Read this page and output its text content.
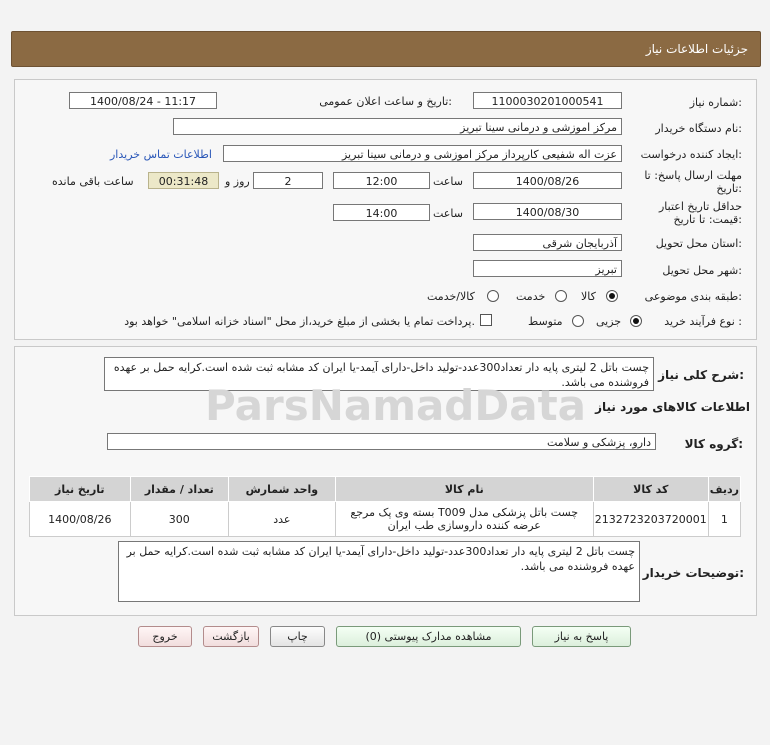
جزئیات اطلاعات نیاز
شماره نیاز:
1100030201000541
تاریخ و ساعت اعلان عمومی:
1400/08/24 - 11:17
نام دستگاه خریدار:
مرکز اموزشی و درمانی سینا تبریز
ایجاد کننده درخواست:
عزت اله شفیعی کارپرداز مرکز اموزشی و درمانی سینا تبریز
اطلاعات تماس خریدار
مهلت ارسال پاسخ: تا تاریخ:
1400/08/26
ساعت
12:00
2
روز و
00:31:48
ساعت باقی مانده
حداقل تاریخ اعتبار قیمت: تا تاریخ:
1400/08/30
ساعت
14:00
استان محل تحویل:
آذربایجان شرقی
شهر محل تحویل:
تبریز
طبقه بندی موضوعی:
کالا
خدمت
کالا/خدمت
نوع فرآیند خرید :
جزیی
متوسط
پرداخت تمام یا بخشی از مبلغ خرید،از محل "اسناد خزانه اسلامی" خواهد بود.
شرح کلی نیاز:
چست باتل 2 لیتری پایه دار تعداد300عدد-تولید داخل-دارای آیمد-یا ایران کد مشابه ثبت شده است.کرایه حمل بر عهده فروشنده می باشد.
اطلاعات کالاهای مورد نیاز
گروه کالا:
دارو، پزشکی و سلامت
ردیف	کد کالا	نام کالا	واحد شمارش	تعداد / مقدار	تاریخ نیاز
1	2132723203720001	چست باتل پزشکی مدل T009 بسته وی پک مرجع عرضه کننده داروسازی طب ایران	عدد	300	1400/08/26
توضیحات خریدار:
چست باتل 2 لیتری پایه دار تعداد300عدد-تولید داخل-دارای آیمد-یا ایران کد مشابه ثبت شده است.کرایه حمل بر عهده فروشنده می باشد.
ParsNamadData
پاسخ به نیاز
مشاهده مدارک پیوستی (0)
چاپ
بازگشت
خروج
